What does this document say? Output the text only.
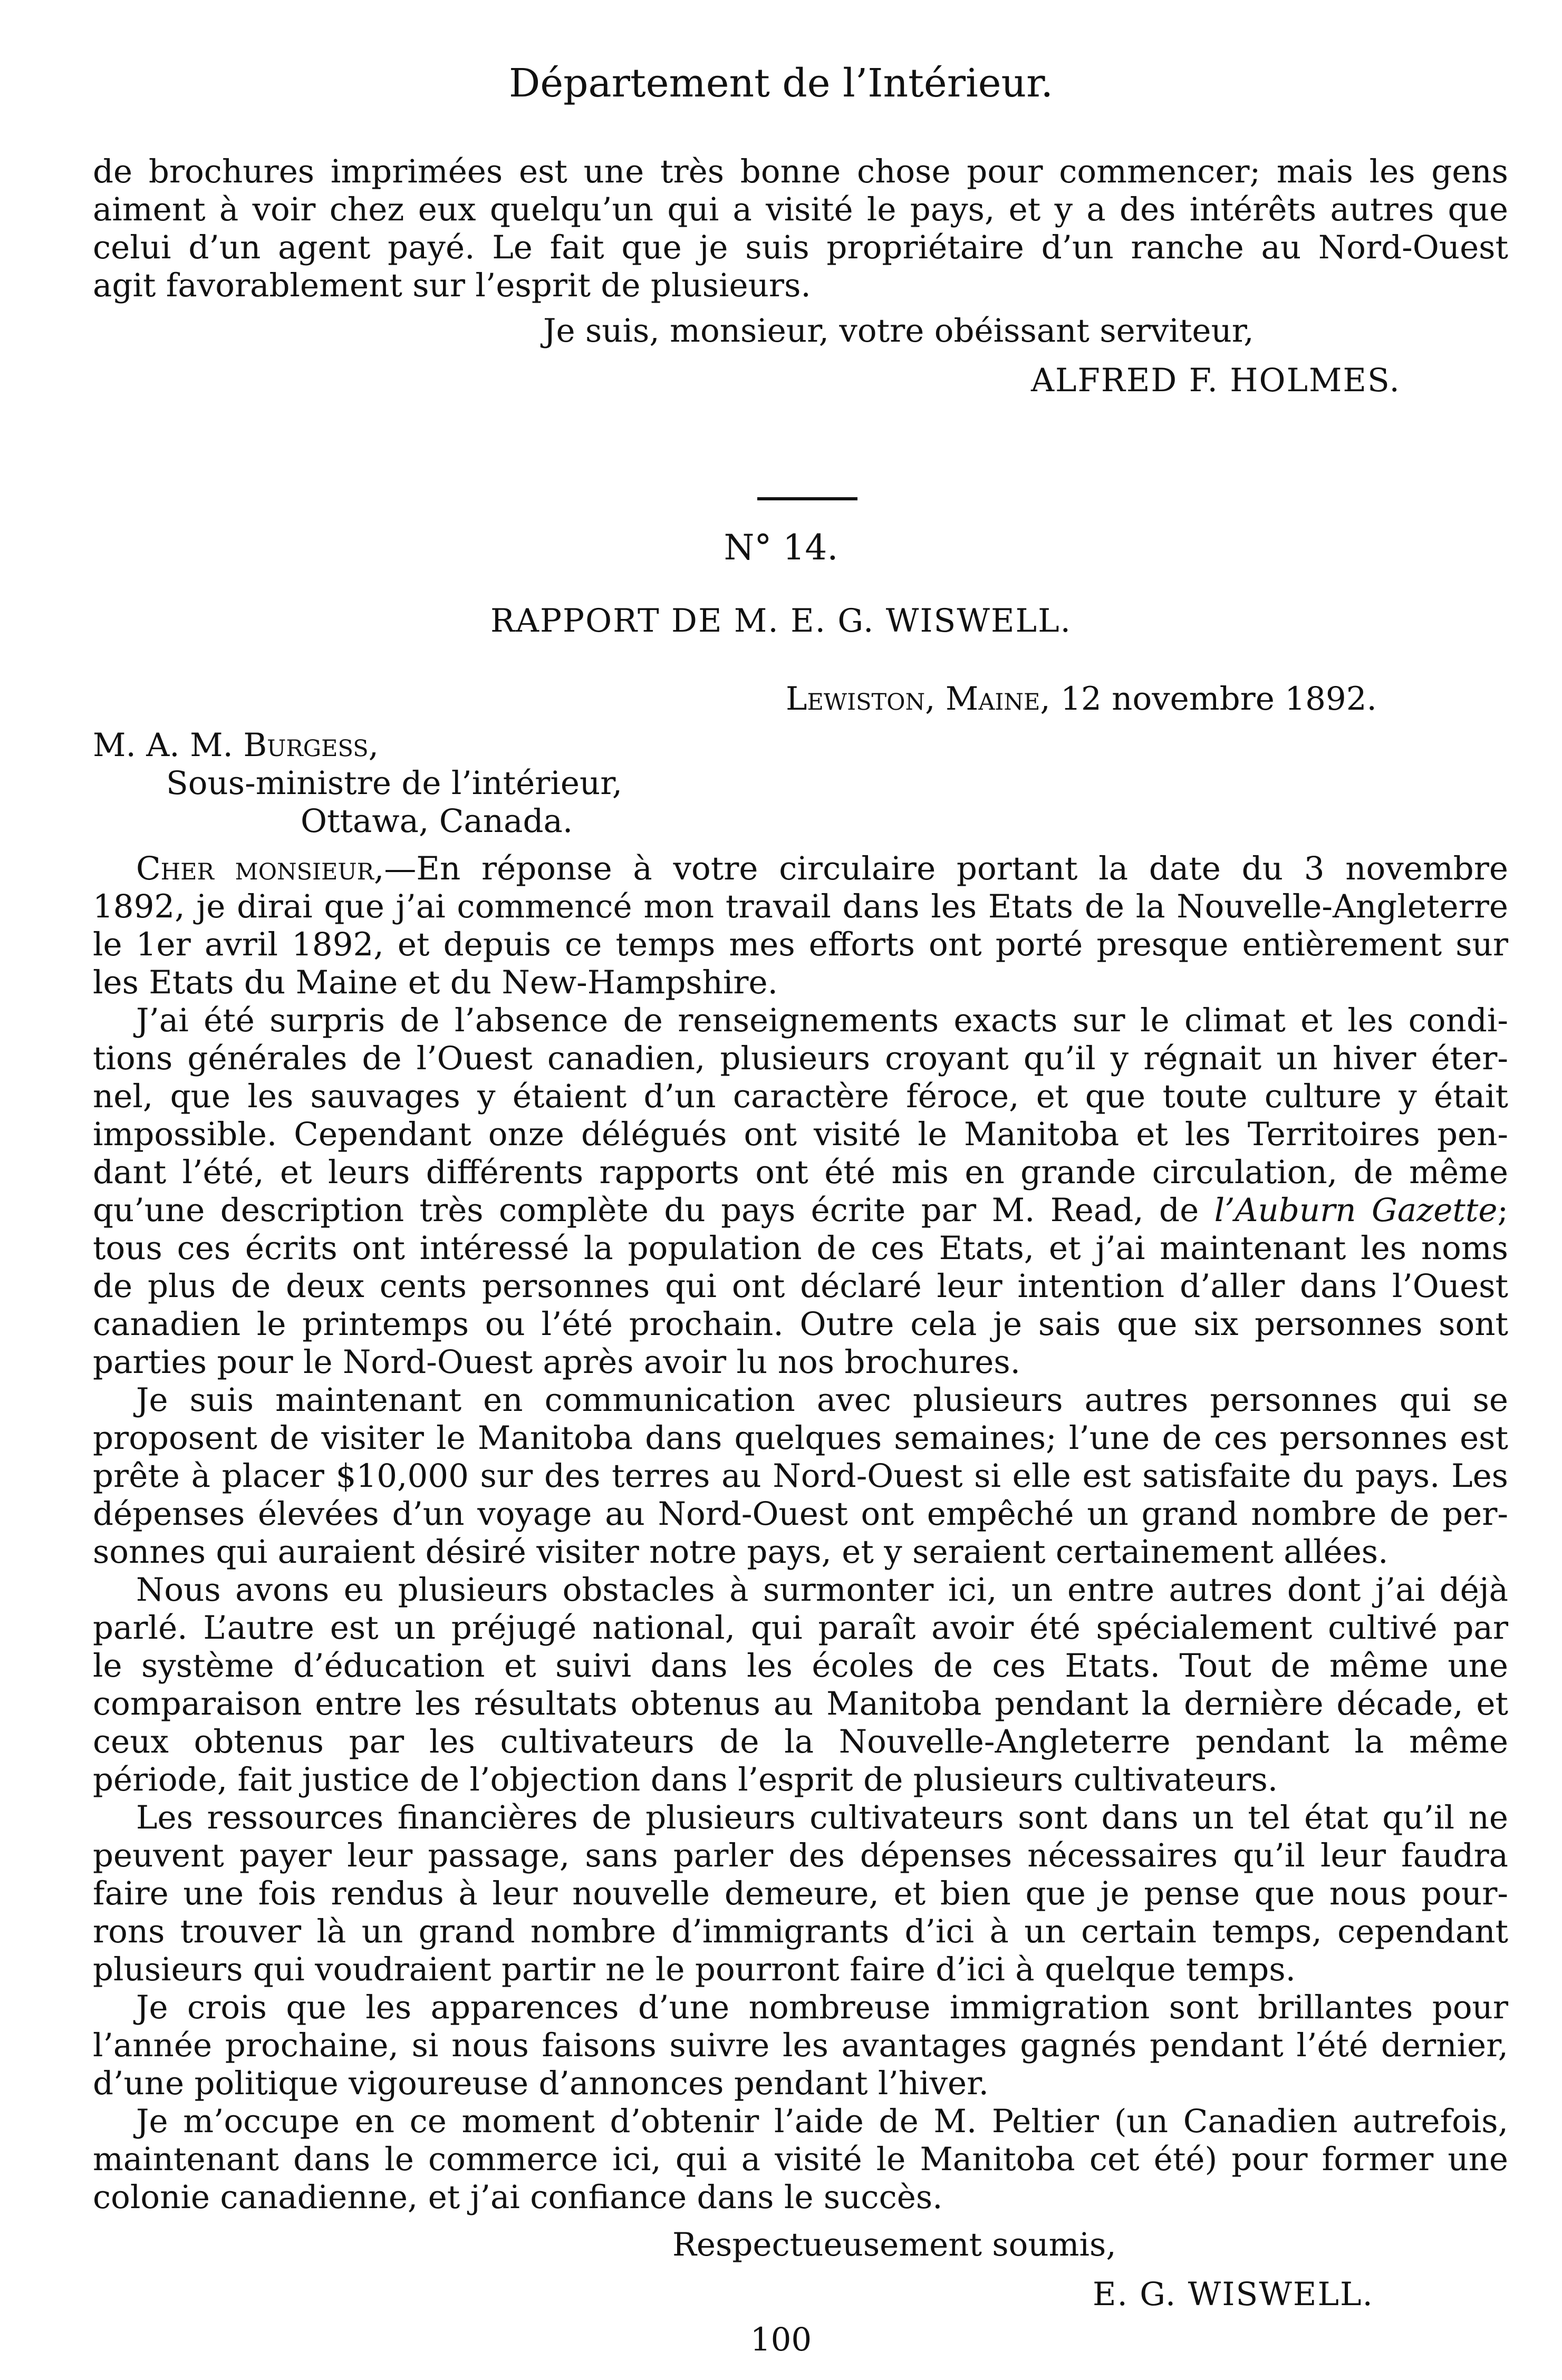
Département de l’Intérieur.
de brochures imprimées est une très bonne chose pour commencer; mais les gens
aiment à voir chez eux quelqu’un qui a visité le pays, et y a des intérêts autres que
celui d’un agent payé. Le fait que je suis propriétaire d’un ranche au Nord-Ouest
agit favorablement sur l’esprit de plusieurs.
Je suis, monsieur, votre obéissant serviteur,
ALFRED F. HOLMES.
N° 14.
RAPPORT DE M. E. G. WISWELL.
Lewiston, Maine, 12 novembre 1892.
M. A. M. Burgess,
Sous-ministre de l’intérieur,
Ottawa, Canada.
Cher monsieur,—En réponse à votre circulaire portant la date du 3 novembre
1892, je dirai que j’ai commencé mon travail dans les Etats de la Nouvelle-Angleterre
le 1er avril 1892, et depuis ce temps mes efforts ont porté presque entièrement sur
les Etats du Maine et du New-Hampshire.
J’ai été surpris de l’absence de renseignements exacts sur le climat et les condi-
tions générales de l’Ouest canadien, plusieurs croyant qu’il y régnait un hiver éter-
nel, que les sauvages y étaient d’un caractère féroce, et que toute culture y était
impossible. Cependant onze délégués ont visité le Manitoba et les Territoires pen-
dant l’été, et leurs différents rapports ont été mis en grande circulation, de même
qu’une description très complète du pays écrite par M. Read, de l’Auburn Gazette;
tous ces écrits ont intéressé la population de ces Etats, et j’ai maintenant les noms
de plus de deux cents personnes qui ont déclaré leur intention d’aller dans l’Ouest
canadien le printemps ou l’été prochain. Outre cela je sais que six personnes sont
parties pour le Nord-Ouest après avoir lu nos brochures.
Je suis maintenant en communication avec plusieurs autres personnes qui se
proposent de visiter le Manitoba dans quelques semaines; l’une de ces personnes est
prête à placer $10,000 sur des terres au Nord-Ouest si elle est satisfaite du pays. Les
dépenses élevées d’un voyage au Nord-Ouest ont empêché un grand nombre de per-
sonnes qui auraient désiré visiter notre pays, et y seraient certainement allées.
Nous avons eu plusieurs obstacles à surmonter ici, un entre autres dont j’ai déjà
parlé. L’autre est un préjugé national, qui paraît avoir été spécialement cultivé par
le système d’éducation et suivi dans les écoles de ces Etats. Tout de même une
comparaison entre les résultats obtenus au Manitoba pendant la dernière décade, et
ceux obtenus par les cultivateurs de la Nouvelle-Angleterre pendant la même
période, fait justice de l’objection dans l’esprit de plusieurs cultivateurs.
Les ressources financières de plusieurs cultivateurs sont dans un tel état qu’il ne
peuvent payer leur passage, sans parler des dépenses nécessaires qu’il leur faudra
faire une fois rendus à leur nouvelle demeure, et bien que je pense que nous pour-
rons trouver là un grand nombre d’immigrants d’ici à un certain temps, cependant
plusieurs qui voudraient partir ne le pourront faire d’ici à quelque temps.
Je crois que les apparences d’une nombreuse immigration sont brillantes pour
l’année prochaine, si nous faisons suivre les avantages gagnés pendant l’été dernier,
d’une politique vigoureuse d’annonces pendant l’hiver.
Je m’occupe en ce moment d’obtenir l’aide de M. Peltier (un Canadien autrefois,
maintenant dans le commerce ici, qui a visité le Manitoba cet été) pour former une
colonie canadienne, et j’ai confiance dans le succès.
Respectueusement soumis,
E. G. WISWELL.
100
